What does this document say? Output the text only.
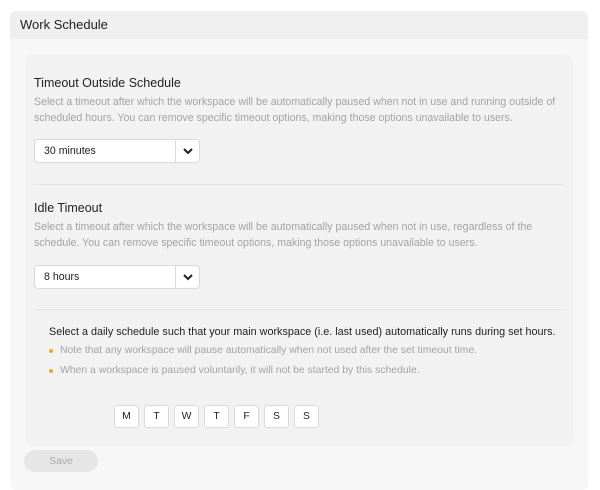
Work Schedule
Timeout Outside Schedule
Select a timeout after which the workspace will be automatically paused when not in use and running outside of scheduled hours. You can remove specific timeout options, making those options unavailable to users.
30 minutes
Idle Timeout
Select a timeout after which the workspace will be automatically paused when not in use, regardless of the schedule. You can remove specific timeout options, making those options unavailable to users.
8 hours
Select a daily schedule such that your main workspace (i.e. last used) automatically runs during set hours.
Note that any workspace will pause automatically when not used after the set timeout time.
When a workspace is paused voluntarily, it will not be started by this schedule.
M	T	W	T	F	S	S
Save
